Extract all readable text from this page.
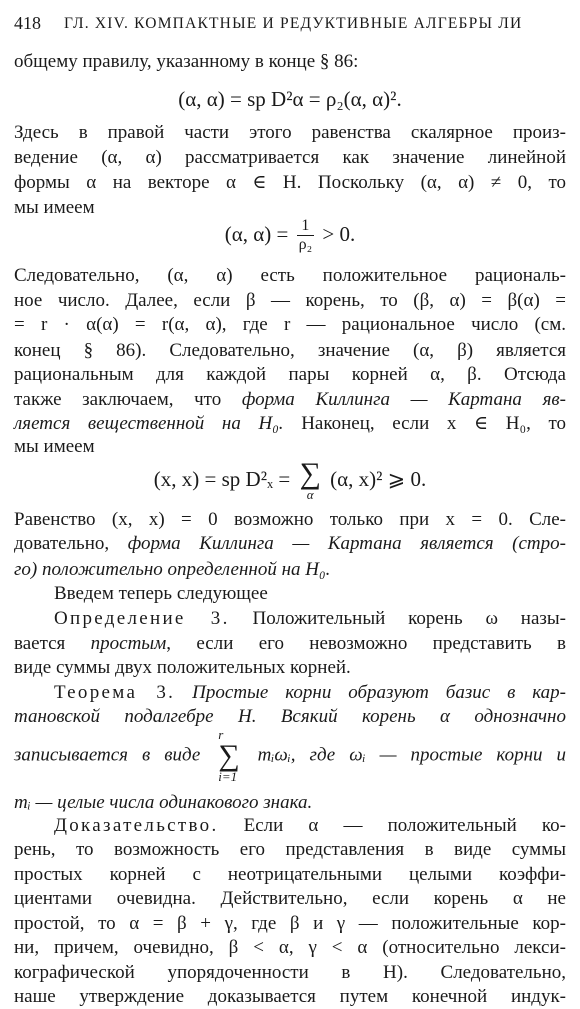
418 ГЛ. XIV. КОМПАКТНЫЕ И РЕДУКТИВНЫЕ АЛГЕБРЫ ЛИ
общему правилу, указанному в конце § 86:
(α, α) = sp D²α = ρ₂(α, α)².
Здесь в правой части этого равенства скалярное произ-
ведение (α, α) рассматривается как значение линейной
формы α на векторе α ∈ H. Поскольку (α, α) ≠ 0, то
мы имеем
(α, $\alpha) = \frac{1}{\text{ρ₂}} > 0$.
Следовательно, (α, α) есть положительное рациональ-
ное число. Далее, если β — корень, то (β, α) = β(α) =
= r · α(α) = r(α, α), где r — рациональное число (см.
конец § 86). Следовательно, значение (α, β) является
рациональным для каждой пары корней α, β. Отсюда
также заключаем, что форма Киллинга — Картана яв-
ляется вещественной на H₀. Наконец, если x ∈ H₀, то
мы имеем
(x, x) = sp D²ₓ = ∑
α
(α, x)² ⩾ 0.
Равенство (x, x) = 0 возможно только при x = 0. Сле-
довательно, форма Киллинга — Картана является (стро-
го) положительно определенной на H₀.
Введем теперь следующее
Определение 3. Положительный корень ω назы-
вается простым, если его невозможно представить в
виде суммы двух положительных корней.
Теорема 3. Простые корни образуют базис в кар-
тановской подалгебре H. Всякий корень α однозначно
записывается в виде
r
∑
i=1
mᵢωᵢ, где ωᵢ — простые корни и
mᵢ — целые числа одинакового знака.
Доказательство. Если α — положительный ко-
рень, то возможность его представления в виде суммы
простых корней с неотрицательными целыми коэффи-
циентами очевидна. Действительно, если корень α не
простой, то α = β + γ, где β и γ — положительные кор-
ни, причем, очевидно, β < α, γ < α (относительно лекси-
кографической упорядоченности в H). Следовательно,
наше утверждение доказывается путем конечной индук-
